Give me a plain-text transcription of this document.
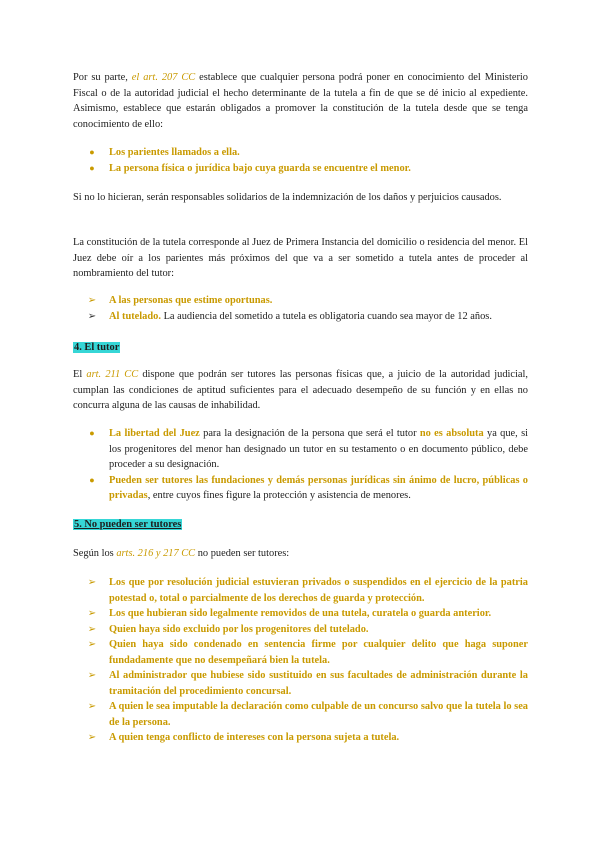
Por su parte, el art. 207 CC establece que cualquier persona podrá poner en conocimiento del Ministerio Fiscal o de la autoridad judicial el hecho determinante de la tutela a fin de que se dé inicio al expediente. Asimismo, establece que estarán obligados a promover la constitución de la tutela desde que se tenga conocimiento de ello:

●	Los parientes llamados a ella.
●	La persona física o jurídica bajo cuya guarda se encuentre el menor.

Si no lo hicieran, serán responsables solidarios de la indemnización de los daños y perjuicios causados.

La constitución de la tutela corresponde al Juez de Primera Instancia del domicilio o residencia del menor. El Juez debe oír a los parientes más próximos del que va a ser sometido a tutela antes de proceder al nombramiento del tutor:

➢ A las personas que estime oportunas.
➢ Al tutelado. La audiencia del sometido a tutela es obligatoria cuando sea mayor de 12 años.

4. El tutor

El art. 211 CC dispone que podrán ser tutores las personas físicas que, a juicio de la autoridad judicial, cumplan las condiciones de aptitud suficientes para el adecuado desempeño de su función y en ellas no concurra alguna de las causas de inhabilidad.

●	La libertad del Juez para la designación de la persona que será el tutor no es absoluta ya que, si los progenitores del menor han designado un tutor en su testamento o en documento público, debe proceder a su designación.
●	Pueden ser tutores las fundaciones y demás personas jurídicas sin ánimo de lucro, públicas o privadas, entre cuyos fines figure la protección y asistencia de menores.

5. No pueden ser tutores

Según los arts. 216 y 217 CC no pueden ser tutores:

➢ Los que por resolución judicial estuvieran privados o suspendidos en el ejercicio de la patria potestad o, total o parcialmente de los derechos de guarda y protección.
➢ Los que hubieran sido legalmente removidos de una tutela, curatela o guarda anterior.
➢ Quien haya sido excluido por los progenitores del tutelado.
➢ Quien haya sido condenado en sentencia firme por cualquier delito que haga suponer fundadamente que no desempeñará bien la tutela.
➢ Al administrador que hubiese sido sustituido en sus facultades de administración durante la tramitación del procedimiento concursal.
➢ A quien le sea imputable la declaración como culpable de un concurso salvo que la tutela lo sea de la persona.
➢ A quien tenga conflicto de intereses con la persona sujeta a tutela.
